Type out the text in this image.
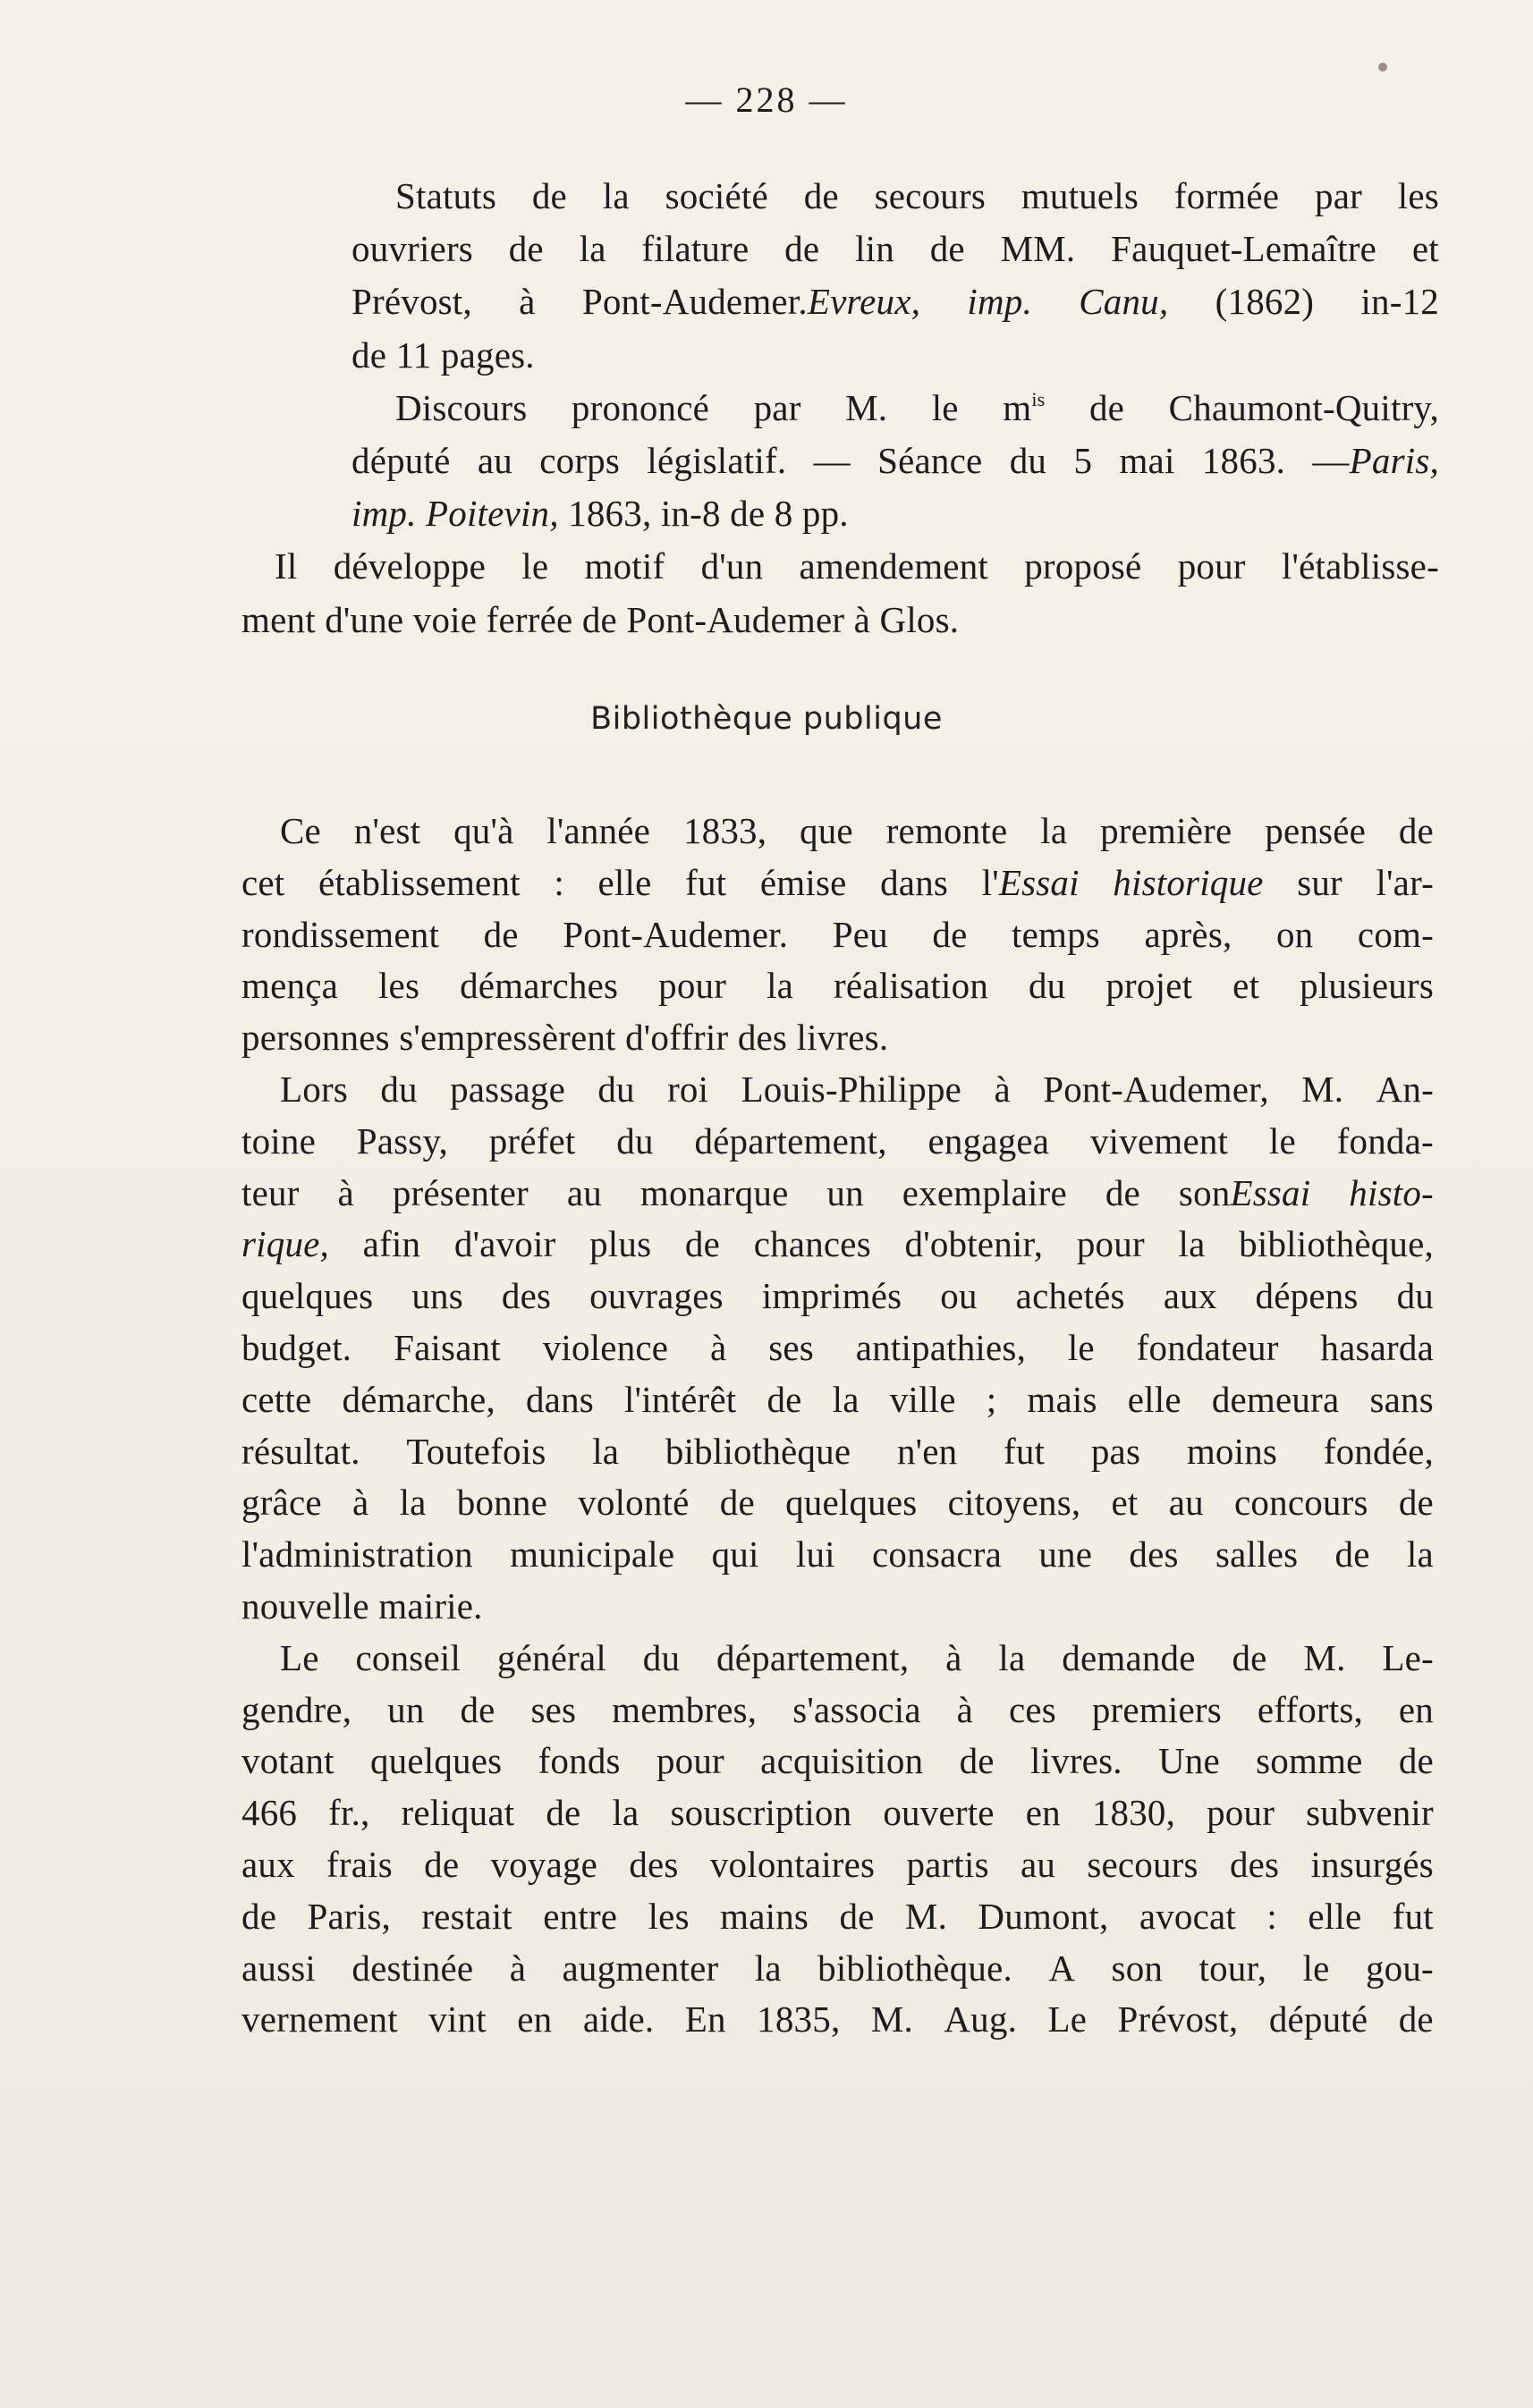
— 228 —
Statuts de la société de secours mutuels formée par les
ouvriers de la filature de lin de MM. Fauquet-Lemaître et
Prévost, à Pont-Audemer.Evreux, imp. Canu, (1862) in-12
de 11 pages.
Discours prononcé par M. le $m^{is}$ de Chaumont-Quitry,
député au corps législatif. — Séance du 5 mai 1863. —Paris,
imp. Poitevin, 1863, in-8 de 8 pp.
Il développe le motif d'un amendement proposé pour l'établisse-
ment d'une voie ferrée de Pont-Audemer à Glos.
Bibliothèque publique
Ce n'est qu'à l'année 1833, que remonte la première pensée de
cet établissement : elle fut émise dans l'Essai historique sur l'ar-
rondissement de Pont-Audemer. Peu de temps après, on com-
mença les démarches pour la réalisation du projet et plusieurs
personnes s'empressèrent d'offrir des livres.
Lors du passage du roi Louis-Philippe à Pont-Audemer, M. An-
toine Passy, préfet du département, engagea vivement le fonda-
teur à présenter au monarque un exemplaire de sonEssai histo-
rique, afin d'avoir plus de chances d'obtenir, pour la bibliothèque,
quelques uns des ouvrages imprimés ou achetés aux dépens du
budget. Faisant violence à ses antipathies, le fondateur hasarda
cette démarche, dans l'intérêt de la ville ; mais elle demeura sans
résultat. Toutefois la bibliothèque n'en fut pas moins fondée,
grâce à la bonne volonté de quelques citoyens, et au concours de
l'administration municipale qui lui consacra une des salles de la
nouvelle mairie.
Le conseil général du département, à la demande de M. Le-
gendre, un de ses membres, s'associa à ces premiers efforts, en
votant quelques fonds pour acquisition de livres. Une somme de
466 fr., reliquat de la souscription ouverte en 1830, pour subvenir
aux frais de voyage des volontaires partis au secours des insurgés
de Paris, restait entre les mains de M. Dumont, avocat : elle fut
aussi destinée à augmenter la bibliothèque. A son tour, le gou-
vernement vint en aide. En 1835, M. Aug. Le Prévost, député de
